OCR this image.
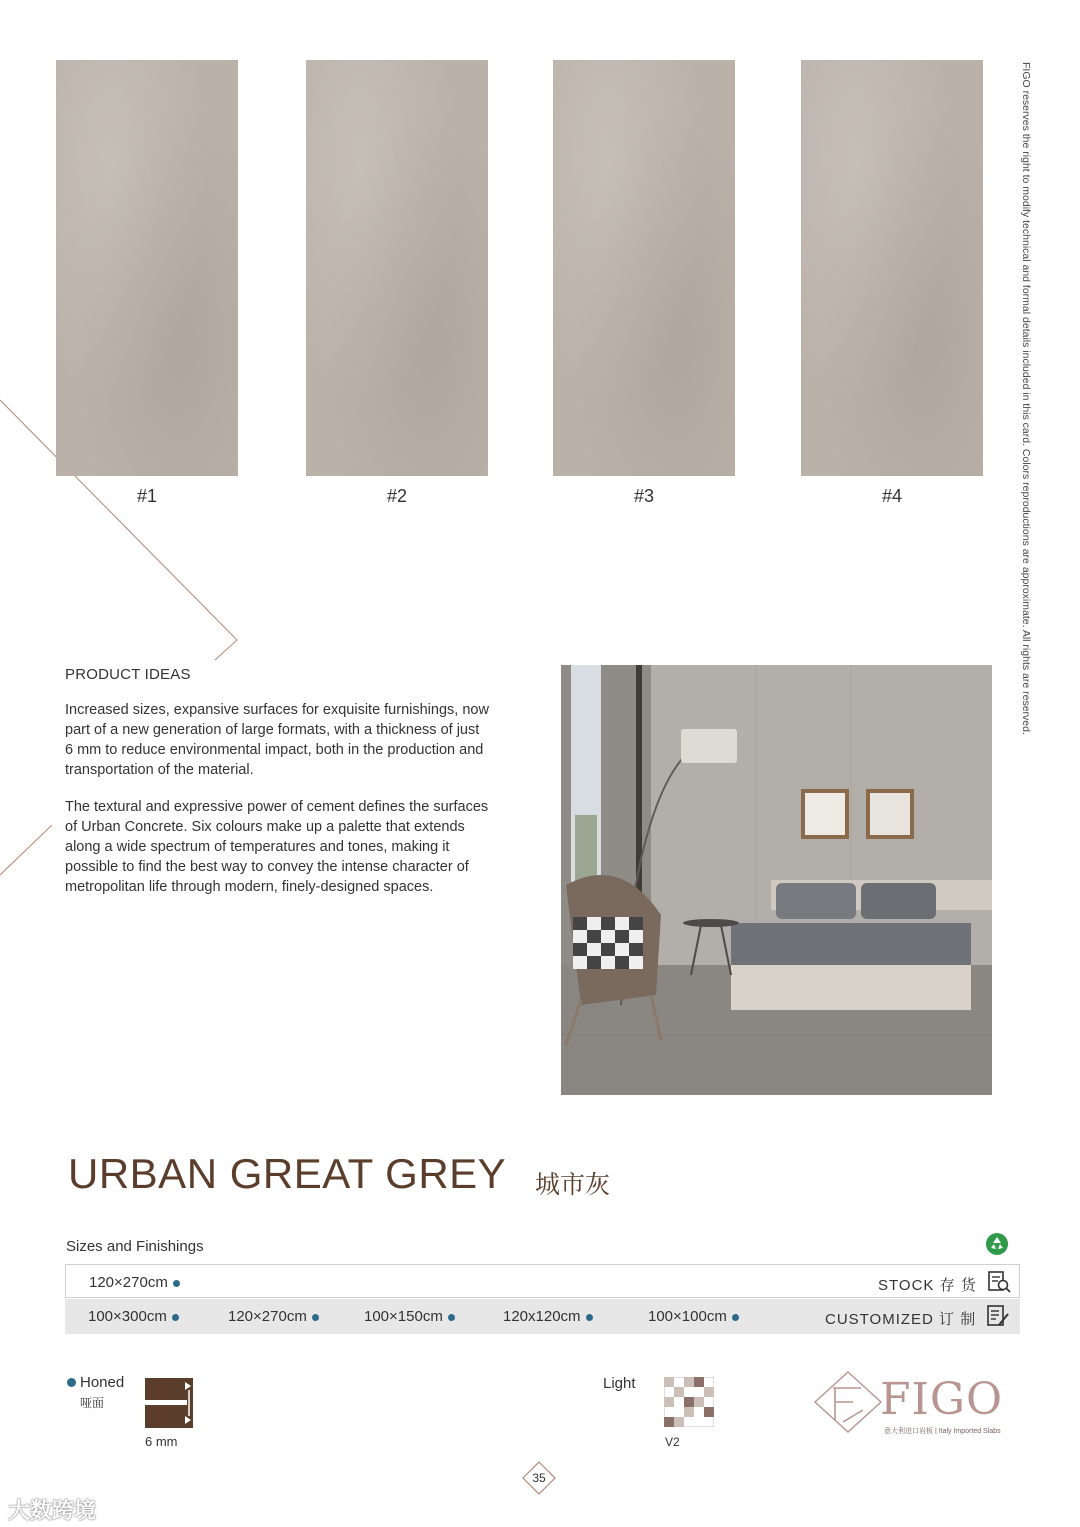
#1	#2	#3	#4	FIGO reserves the right to modify technical and formal details included in this card. Colors reproductions are approximate. All rights are reserved.
PRODUCT IDEAS

Increased sizes, expansive surfaces for exquisite furnishings, now part of a new generation of large formats, with a thickness of just 6 mm to reduce environmental impact, both in the production and transportation of the material.

The textural and expressive power of cement defines the surfaces of Urban Concrete. Six colours make up a palette that extends along a wide spectrum of temperatures and tones, making it possible to find the best way to convey the intense character of metropolitan life through modern, finely-designed spaces.

URBAN GREAT GREY 城市灰
Sizes and Finishings
120×270cm	STOCK 存 货
100×300cm	120×270cm	100×150cm	120x120cm	100×100cm	CUSTOMIZED 订 制
Honed
哑面
6 mm
Light
V2
FIGO
意大利进口岩板 | Italy Imported Slabs
35
大数跨境
